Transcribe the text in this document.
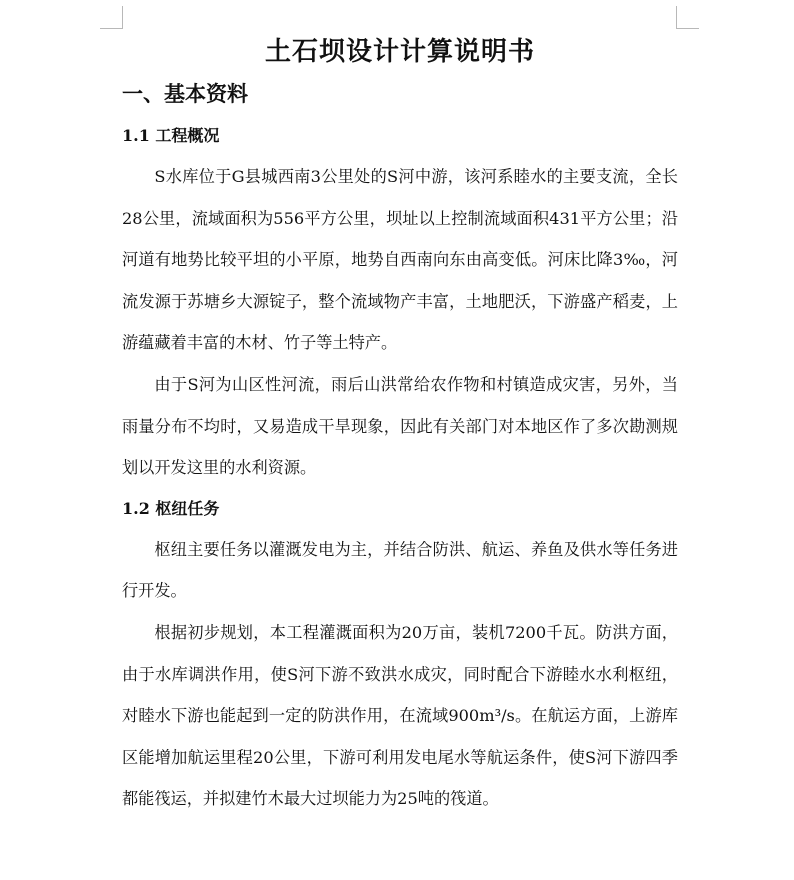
土石坝设计计算说明书
一、基本资料
1.1 工程概况

S水库位于G县城西南3公里处的S河中游，该河系睦水的主要支流，全长28公里，流域面积为556平方公里，坝址以上控制流域面积431平方公里；沿河道有地势比较平坦的小平原，地势自西南向东由高变低。河床比降3‰，河流发源于苏塘乡大源锭子，整个流域物产丰富，土地肥沃，下游盛产稻麦，上游蕴藏着丰富的木材、竹子等土特产。

由于S河为山区性河流，雨后山洪常给农作物和村镇造成灾害，另外，当雨量分布不均时，又易造成干旱现象，因此有关部门对本地区作了多次勘测规划以开发这里的水利资源。

1.2 枢纽任务

枢纽主要任务以灌溉发电为主，并结合防洪、航运、养鱼及供水等任务进行开发。

根据初步规划，本工程灌溉面积为20万亩，装机7200千瓦。防洪方面，由于水库调洪作用，使S河下游不致洪水成灾，同时配合下游睦水水利枢纽，对睦水下游也能起到一定的防洪作用，在流域900m³/s。在航运方面，上游库区能增加航运里程20公里，下游可利用发电尾水等航运条件，使S河下游四季都能筏运，并拟建竹木最大过坝能力为25吨的筏道。
